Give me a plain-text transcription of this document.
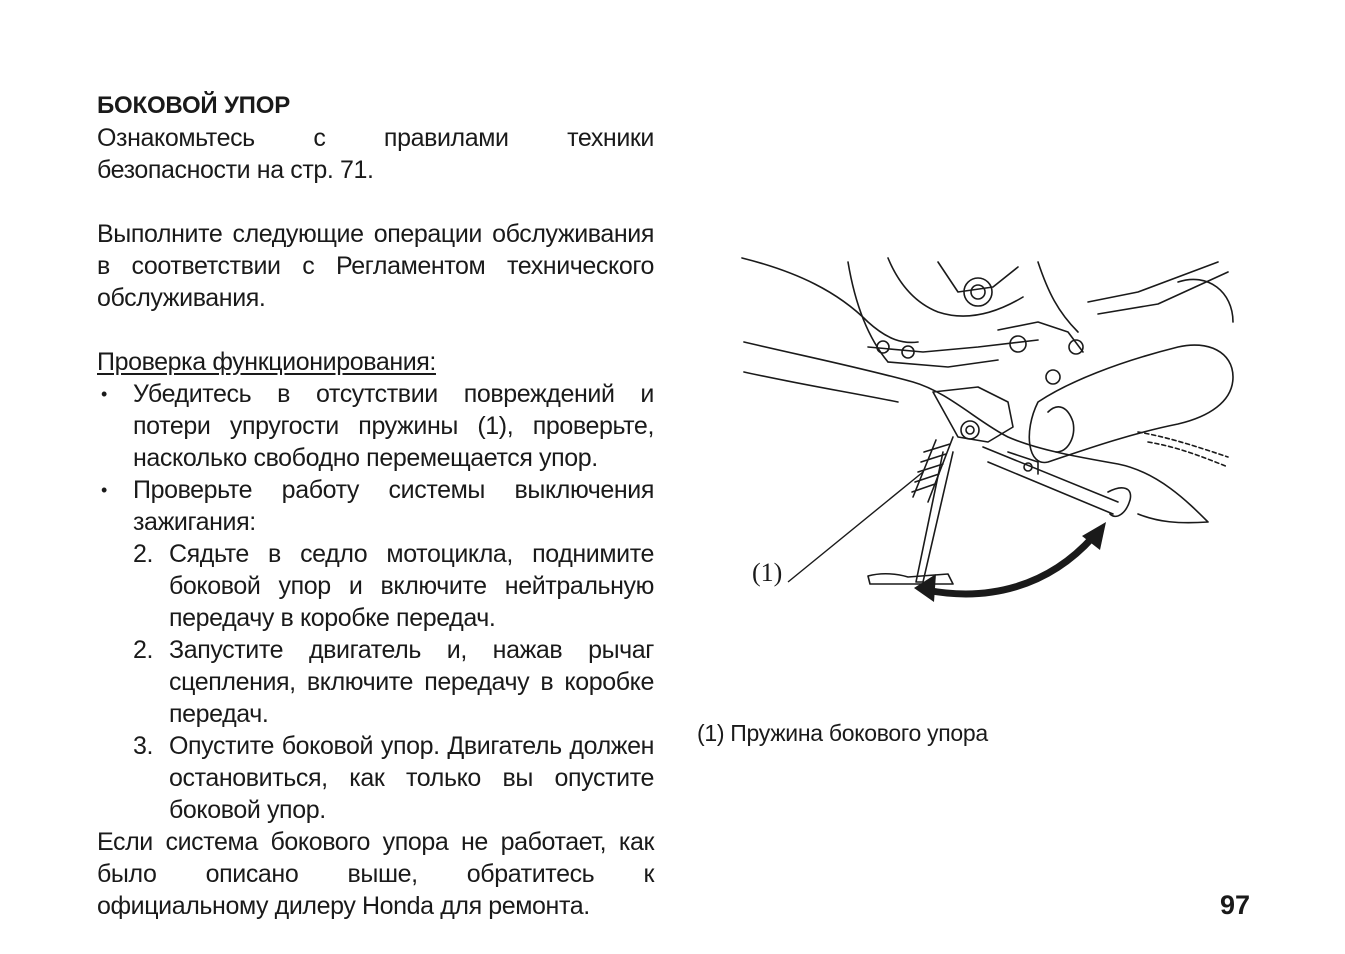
БОКОВОЙ УПОР

Ознакомьтесь с правилами техники безопасности на стр. 71.

Выполните следующие операции обслуживания в соответствии с Регламентом технического обслуживания.

Проверка функционирования:

• Убедитесь в отсутствии повреждений и потери упругости пружины (1), проверьте, насколько свободно перемещается упор.
• Проверьте работу системы выключения зажигания:
2. Сядьте в седло мотоцикла, поднимите боковой упор и включите нейтральную передачу в коробке передач.
2. Запустите двигатель и, нажав рычаг сцепления, включите передачу в коробке передач.
3. Опустите боковой упор. Двигатель должен остановиться, как только вы опустите боковой упор.

Если система бокового упора не работает, как было описано выше, обратитесь к официальному дилеру Honda для ремонта.

(1)
(1) Пружина бокового упора
97
